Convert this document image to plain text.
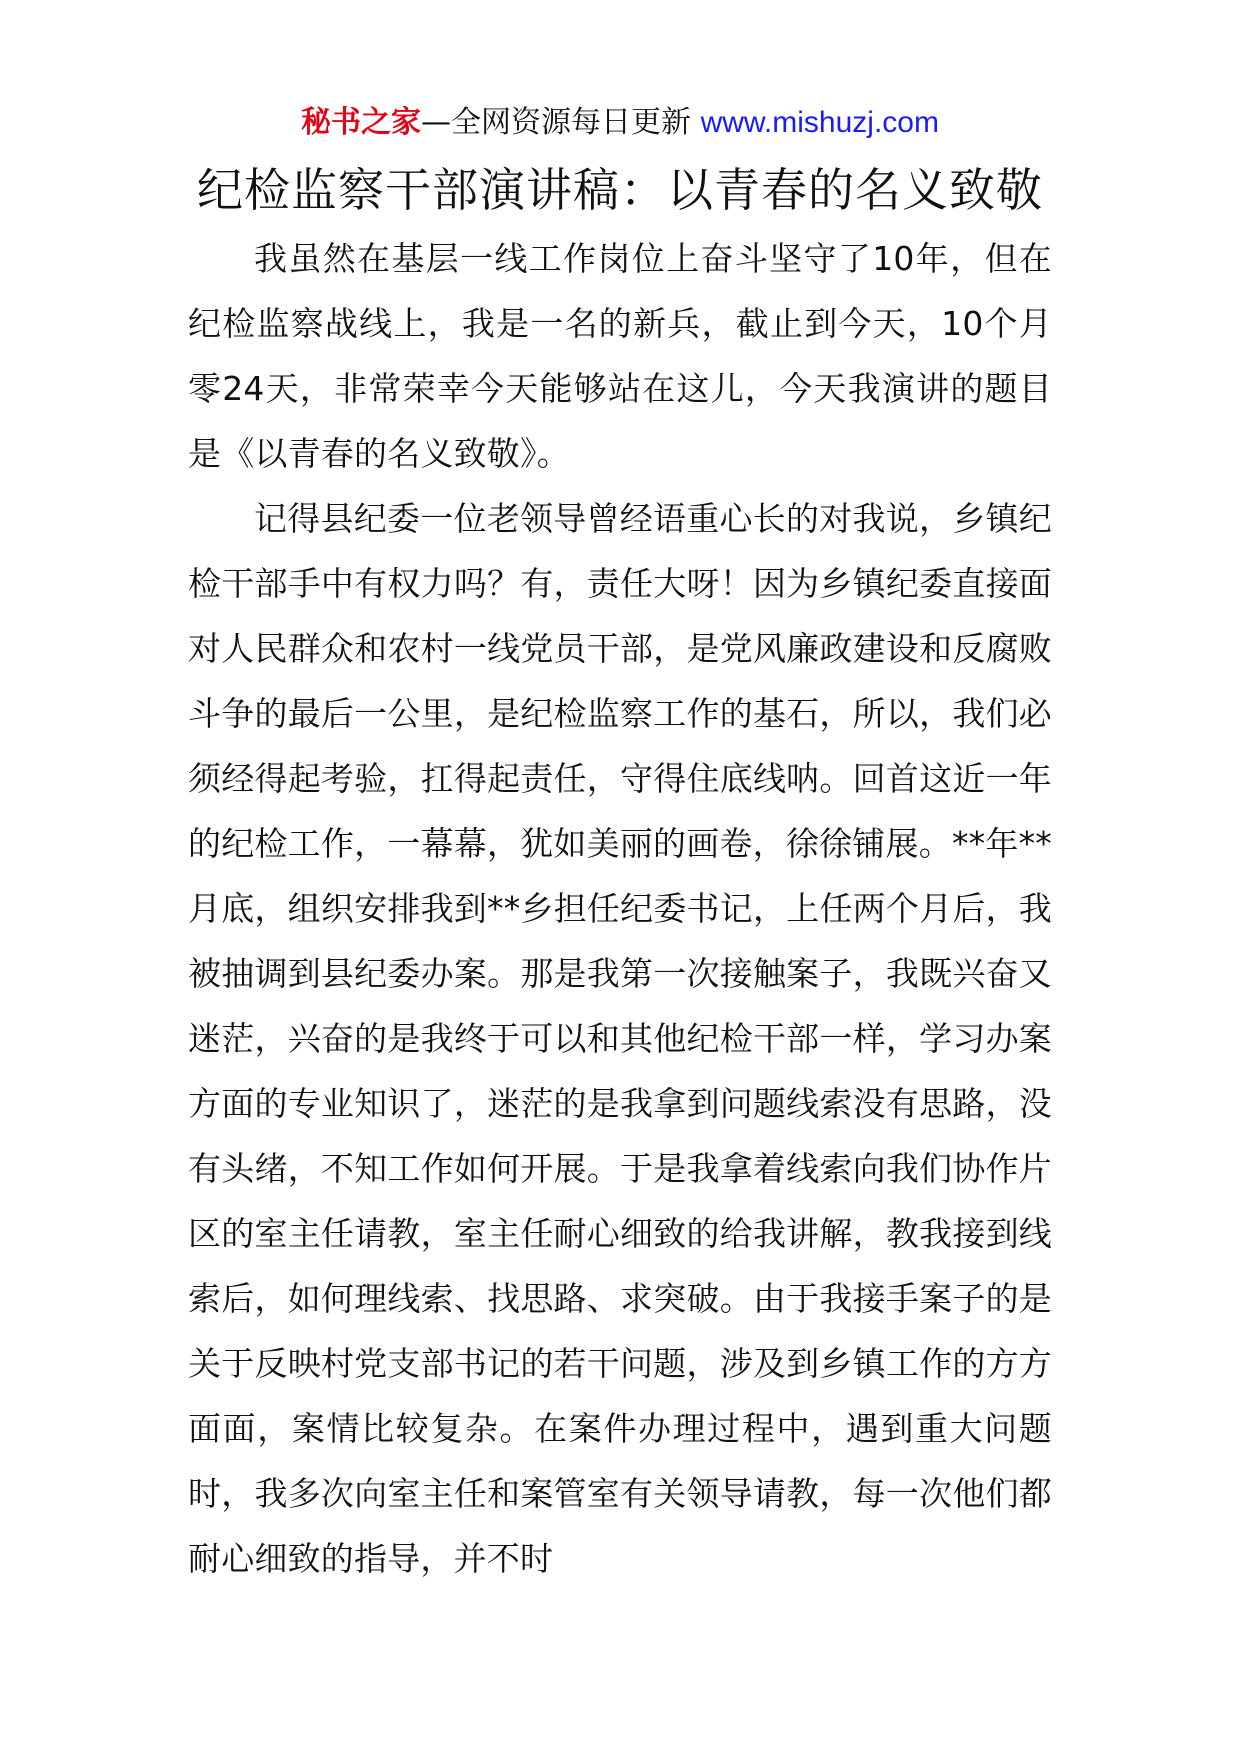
秘书之家—全网资源每日更新 www.mishuzj.com
纪检监察干部演讲稿：以青春的名义致敬

我虽然在基层一线工作岗位上奋斗坚守了10年，但在纪检监察战线上，我是一名的新兵，截止到今天，10个月零24天，非常荣幸今天能够站在这儿，今天我演讲的题目是《以青春的名义致敬》。

记得县纪委一位老领导曾经语重心长的对我说，乡镇纪检干部手中有权力吗？有，责任大呀！因为乡镇纪委直接面对人民群众和农村一线党员干部，是党风廉政建设和反腐败斗争的最后一公里，是纪检监察工作的基石，所以，我们必须经得起考验，扛得起责任，守得住底线呐。回首这近一年的纪检工作，一幕幕，犹如美丽的画卷，徐徐铺展。**年**月底，组织安排我到**乡担任纪委书记，上任两个月后，我被抽调到县纪委办案。那是我第一次接触案子，我既兴奋又迷茫，兴奋的是我终于可以和其他纪检干部一样，学习办案方面的专业知识了，迷茫的是我拿到问题线索没有思路，没有头绪，不知工作如何开展。于是我拿着线索向我们协作片区的室主任请教，室主任耐心细致的给我讲解，教我接到线索后，如何理线索、找思路、求突破。由于我接手案子的是关于反映村党支部书记的若干问题，涉及到乡镇工作的方方面面，案情比较复杂。在案件办理过程中，遇到重大问题时，我多次向室主任和案管室有关领导请教，每一次他们都耐心细致的指导，并不时
